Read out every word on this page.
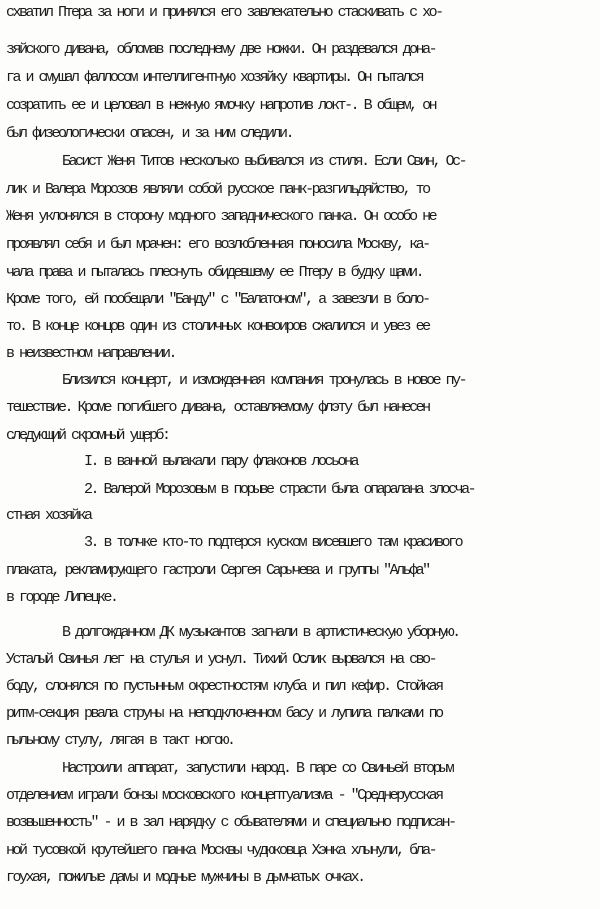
схватил Птера за ноги и принялся его завлекательно стаскивать с хо-

зяйского дивана, обломав последнему две ножки. Он раздевался дона-

га и смушал фаллосом интеллигентную хозяйку квартиры. Он пытался

созратить ее и целовал в нежную ямочку напротив локт-. В общем, он

был физеологически опасен, и за ним следили.

Басист Женя Титов несколько выбивался из стиля. Если Свин, Ос-

лик и Валера Морозов являли собой русское панк-разгильдяйство, то

Женя уклонялся в сторону модного западнического панка. Он особо не

проявлял себя и был мрачен: его возлюбленная поносила Москву, ка-

чала права и пыталась плеснуть обидевшему ее Птеру в будку щами.

Кроме того, ей пообещали "Банду" с "Балатоном", а завезли в боло-

то. В конце концов один из столичных конвоиров сжалился и увез ее

в неизвестном направлении.

Близился концерт, и изможденная компания тронулась в новое пу-

тешествие. Кроме погибшего дивана, оставляемому флэту был нанесен

следующий скромный ущерб:

I. в ванной вылакали пару флаконов лосьона

2. Валерой Морозовым в порыве страсти была опаралана злосча-

стная хозяйка

3. в толчке кто-то подтерся куском висевшего там красивого

плаката, рекламирующего гастроли Сергея Сарычева и группы "Альфа"

в городе Липецке.

В долгожданном ДК музыкантов загнали в артистическую уборную.

Усталый Свинья лег на стулья и уснул. Тихий Ослик вырвался на сво-

боду, слонялся по пустынным окрестностям клуба и пил кефир. Стойкая

ритм-секция рвала струны на неподключенном басу и лупила палками по

пыльному стулу, лягая в такт ногою.

Настроили аппарат, запустили народ. В паре со Свиньей вторым

отделением играли бонзы московского концептуализма - "Среднерусская

возвышенность" - и в зал нарядку с обывателями и специально подписан-

ной тусовкой крутейшего панка Москвы чудюковца Хэнка хлынули, бла-

гоухая, пожилые дамы и модные мужчины в дымчатых очках.
